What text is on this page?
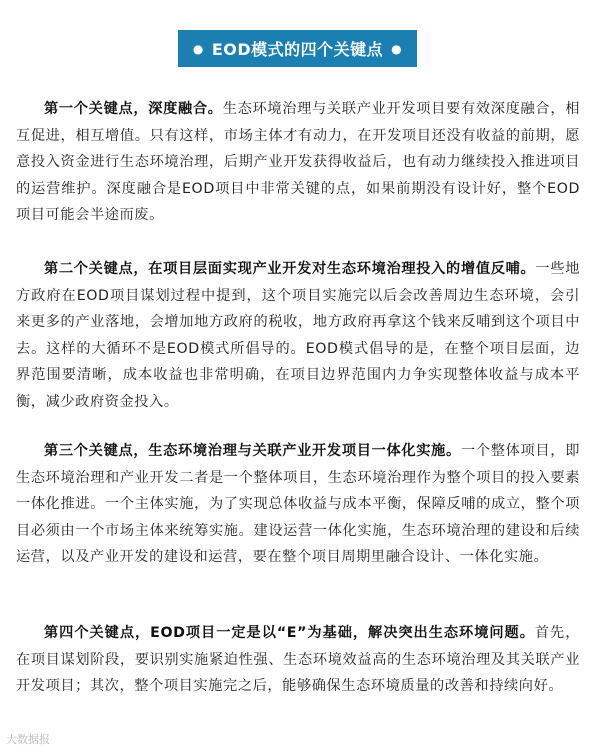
● EOD模式的四个关键点 ●

第一个关键点，深度融合。生态环境治理与关联产业开发项目要有效深度融合，相互促进，相互增值。只有这样，市场主体才有动力，在开发项目还没有收益的前期，愿意投入资金进行生态环境治理，后期产业开发获得收益后，也有动力继续投入推进项目的运营维护。深度融合是EOD项目中非常关键的点，如果前期没有设计好，整个EOD项目可能会半途而废。

第二个关键点，在项目层面实现产业开发对生态环境治理投入的增值反哺。一些地方政府在EOD项目谋划过程中提到，这个项目实施完以后会改善周边生态环境，会引来更多的产业落地，会增加地方政府的税收，地方政府再拿这个钱来反哺到这个项目中去。这样的大循环不是EOD模式所倡导的。EOD模式倡导的是，在整个项目层面，边界范围要清晰，成本收益也非常明确，在项目边界范围内力争实现整体收益与成本平衡，减少政府资金投入。

第三个关键点，生态环境治理与关联产业开发项目一体化实施。一个整体项目，即生态环境治理和产业开发二者是一个整体项目，生态环境治理作为整个项目的投入要素一体化推进。一个主体实施，为了实现总体收益与成本平衡，保障反哺的成立，整个项目必须由一个市场主体来统筹实施。建设运营一体化实施，生态环境治理的建设和后续运营，以及产业开发的建设和运营，要在整个项目周期里融合设计、一体化实施。

第四个关键点，EOD项目一定是以“E”为基础，解决突出生态环境问题。首先，在项目谋划阶段，要识别实施紧迫性强、生态环境效益高的生态环境治理及其关联产业开发项目；其次，整个项目实施完之后，能够确保生态环境质量的改善和持续向好。

大数据报
